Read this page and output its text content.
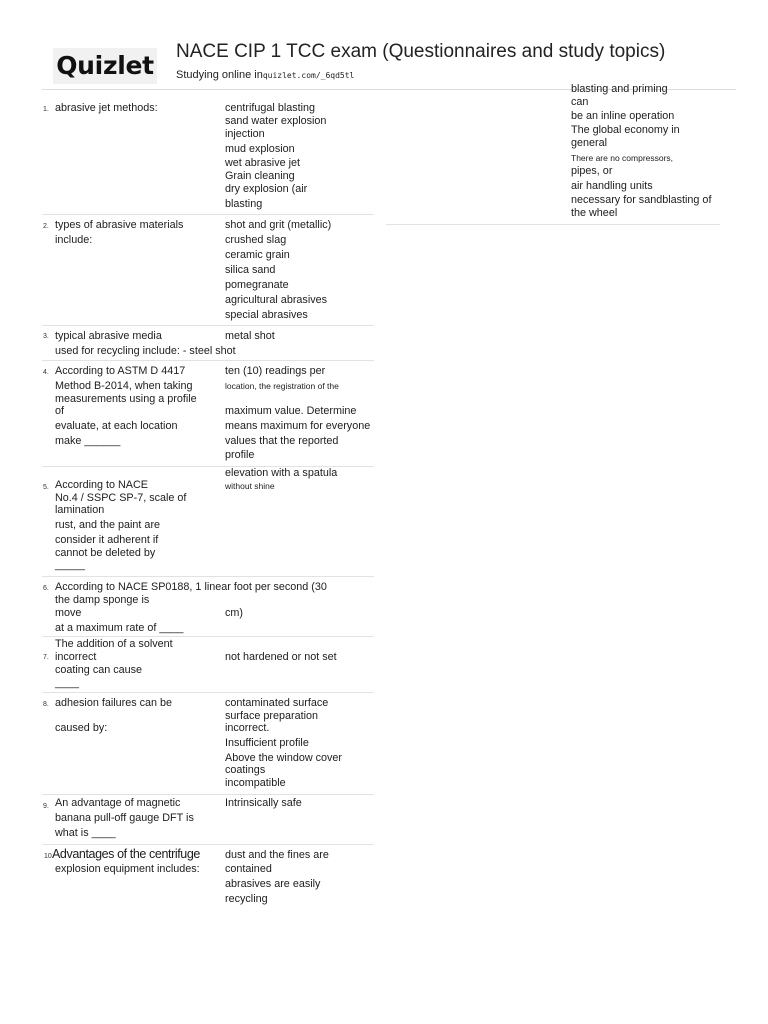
Quizlet NACE CIP 1 TCC exam (Questionnaires and study topics)
Studying online inquizlet.com/_6qd5tl
1. abrasive jet methods:	centrifugal blasting
sand water explosion
injection
mud explosion
wet abrasive jet
Grain cleaning
dry explosion (air
blasting
2. types of abrasive materials
include:
shot and grit (metallic)
crushed slag
ceramic grain
silica sand
pomegranate
agricultural abrasives
special abrasives
3. typical abrasive media
used for recycling include: - steel shot
metal shot
4. According to ASTM D 4417
Method B-2014, when taking
measurements using a profile
of
evaluate, at each location
make ______
ten (10) readings per
location, the registration of the
maximum value. Determine
means maximum for everyone
values that the reported
profile
5. According to NACE
No.4 / SSPC SP-7, scale of
lamination
rust, and the paint are
consider it adherent if
cannot be deleted by
_____
elevation with a spatula
without shine
6. According to NACE SP0188, 1 linear foot per second (30
the damp sponge is
move
at a maximum rate of ____
cm)
7.
The addition of a solvent
incorrect
coating can cause
____
not hardened or not set
8. adhesion failures can be
caused by:
contaminated surface
surface preparation
incorrect.
Insufficient profile
Above the window cover
coatings
incompatible
9. An advantage of magnetic
banana pull-off gauge DFT is
what is ____
Intrinsically safe
10.
Advantages of the centrifuge
explosion equipment includes:
dust and the fines are
contained
abrasives are easily
recycling
blasting and priming
can
be an inline operation
The global economy in
general
There are no compressors,
pipes, or
air handling units
necessary for sandblasting of
the wheel
